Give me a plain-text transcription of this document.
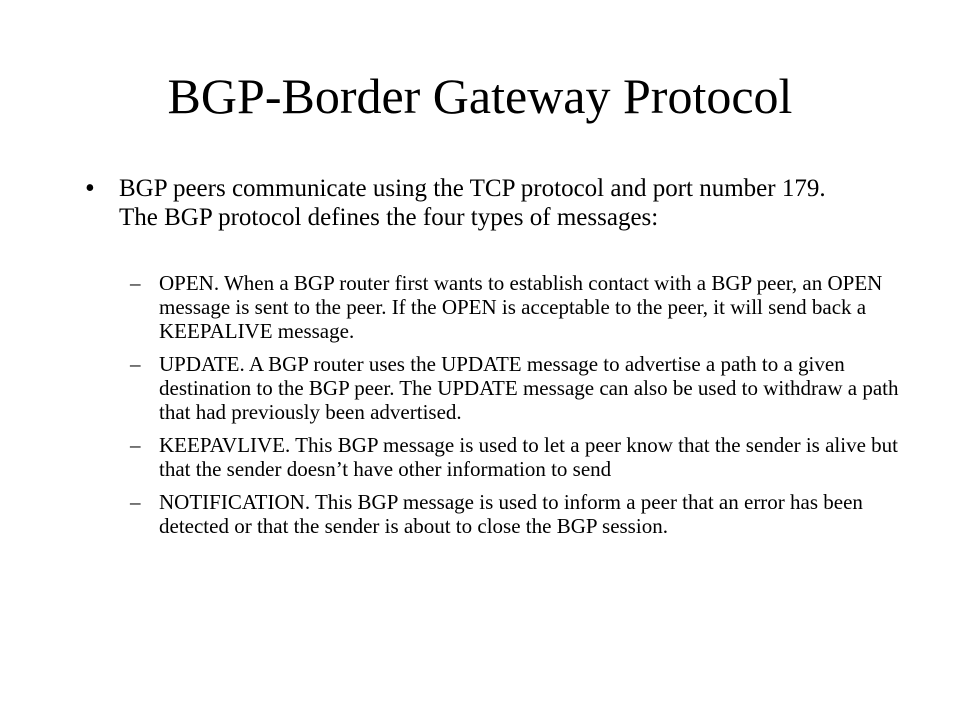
BGP-Border Gateway Protocol
• BGP peers communicate using the TCP protocol and port number 179. The BGP protocol defines the four types of messages:
– OPEN. When a BGP router first wants to establish contact with a BGP peer, an OPEN message is sent to the peer. If the OPEN is acceptable to the peer, it will send back a KEEPALIVE message.
– UPDATE. A BGP router uses the UPDATE message to advertise a path to a given destination to the BGP peer. The UPDATE message can also be used to withdraw a path that had previously been advertised.
– KEEPAVLIVE. This BGP message is used to let a peer know that the sender is alive but that the sender doesn’t have other information to send
– NOTIFICATION. This BGP message is used to inform a peer that an error has been detected or that the sender is about to close the BGP session.
